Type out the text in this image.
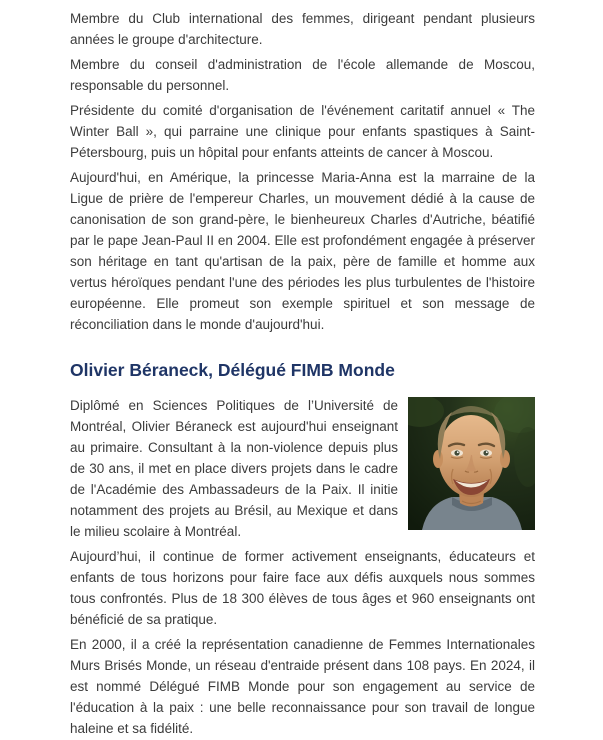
Membre du Club international des femmes, dirigeant pendant plusieurs années le groupe d'architecture.

Membre du conseil d'administration de l'école allemande de Moscou, responsable du personnel.

Présidente du comité d'organisation de l'événement caritatif annuel « The Winter Ball », qui parraine une clinique pour enfants spastiques à Saint-Pétersbourg, puis un hôpital pour enfants atteints de cancer à Moscou.

Aujourd'hui, en Amérique, la princesse Maria-Anna est la marraine de la Ligue de prière de l'empereur Charles, un mouvement dédié à la cause de canonisation de son grand-père, le bienheureux Charles d'Autriche, béatifié par le pape Jean-Paul II en 2004. Elle est profondément engagée à préserver son héritage en tant qu'artisan de la paix, père de famille et homme aux vertus héroïques pendant l'une des périodes les plus turbulentes de l'histoire européenne. Elle promeut son exemple spirituel et son message de réconciliation dans le monde d'aujourd'hui.

Olivier Béraneck, Délégué FIMB Monde

Diplômé en Sciences Politiques de l’Université de Montréal, Olivier Béraneck est aujourd'hui enseignant au primaire. Consultant à la non-violence depuis plus de 30 ans, il met en place divers projets dans le cadre de l'Académie des Ambassadeurs de la Paix. Il initie notamment des projets au Brésil, au Mexique et dans le milieu scolaire à Montréal.

Aujourd’hui, il continue de former activement enseignants, éducateurs et enfants de tous horizons pour faire face aux défis auxquels nous sommes tous confrontés. Plus de 18 300 élèves de tous âges et 960 enseignants ont bénéficié de sa pratique.

En 2000, il a créé la représentation canadienne de Femmes Internationales Murs Brisés Monde, un réseau d'entraide présent dans 108 pays. En 2024, il est nommé Délégué FIMB Monde pour son engagement au service de l'éducation à la paix : une belle reconnaissance pour son travail de longue haleine et sa fidélité.
